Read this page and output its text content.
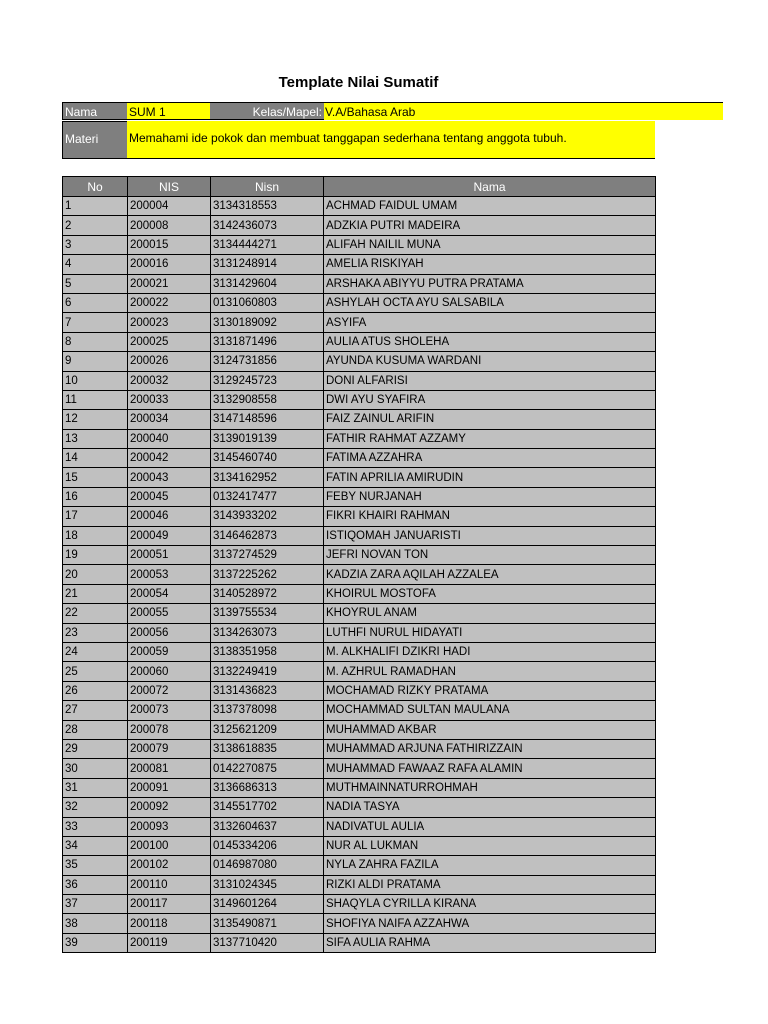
Template Nilai Sumatif
Nama	SUM 1	Kelas/Mapel: V.A/Bahasa Arab
Materi	Memahami ide pokok dan membuat tanggapan sederhana tentang anggota tubuh.
No	NIS	Nisn	Nama
1	200004	3134318553	ACHMAD FAIDUL UMAM
2	200008	3142436073	ADZKIA PUTRI MADEIRA
3	200015	3134444271	ALIFAH NAILIL MUNA
4	200016	3131248914	AMELIA RISKIYAH
5	200021	3131429604	ARSHAKA ABIYYU PUTRA PRATAMA
6	200022	0131060803	ASHYLAH OCTA AYU SALSABILA
7	200023	3130189092	ASYIFA
8	200025	3131871496	AULIA ATUS SHOLEHA
9	200026	3124731856	AYUNDA KUSUMA WARDANI
10	200032	3129245723	DONI ALFARISI
11	200033	3132908558	DWI AYU SYAFIRA
12	200034	3147148596	FAIZ ZAINUL ARIFIN
13	200040	3139019139	FATHIR RAHMAT AZZAMY
14	200042	3145460740	FATIMA AZZAHRA
15	200043	3134162952	FATIN APRILIA AMIRUDIN
16	200045	0132417477	FEBY NURJANAH
17	200046	3143933202	FIKRI KHAIRI RAHMAN
18	200049	3146462873	ISTIQOMAH JANUARISTI
19	200051	3137274529	JEFRI NOVAN TON
20	200053	3137225262	KADZIA ZARA AQILAH AZZALEA
21	200054	3140528972	KHOIRUL MOSTOFA
22	200055	3139755534	KHOYRUL ANAM
23	200056	3134263073	LUTHFI NURUL HIDAYATI
24	200059	3138351958	M. ALKHALIFI DZIKRI HADI
25	200060	3132249419	M. AZHRUL RAMADHAN
26	200072	3131436823	MOCHAMAD RIZKY PRATAMA
27	200073	3137378098	MOCHAMMAD SULTAN MAULANA
28	200078	3125621209	MUHAMMAD AKBAR
29	200079	3138618835	MUHAMMAD ARJUNA FATHIRIZZAIN
30	200081	0142270875	MUHAMMAD FAWAAZ RAFA ALAMIN
31	200091	3136686313	MUTHMAINNATURROHMAH
32	200092	3145517702	NADIA TASYA
33	200093	3132604637	NADIVATUL AULIA
34	200100	0145334206	NUR AL LUKMAN
35	200102	0146987080	NYLA ZAHRA FAZILA
36	200110	3131024345	RIZKI ALDI PRATAMA
37	200117	3149601264	SHAQYLA CYRILLA KIRANA
38	200118	3135490871	SHOFIYA NAIFA AZZAHWA
39	200119	3137710420	SIFA AULIA RAHMA
